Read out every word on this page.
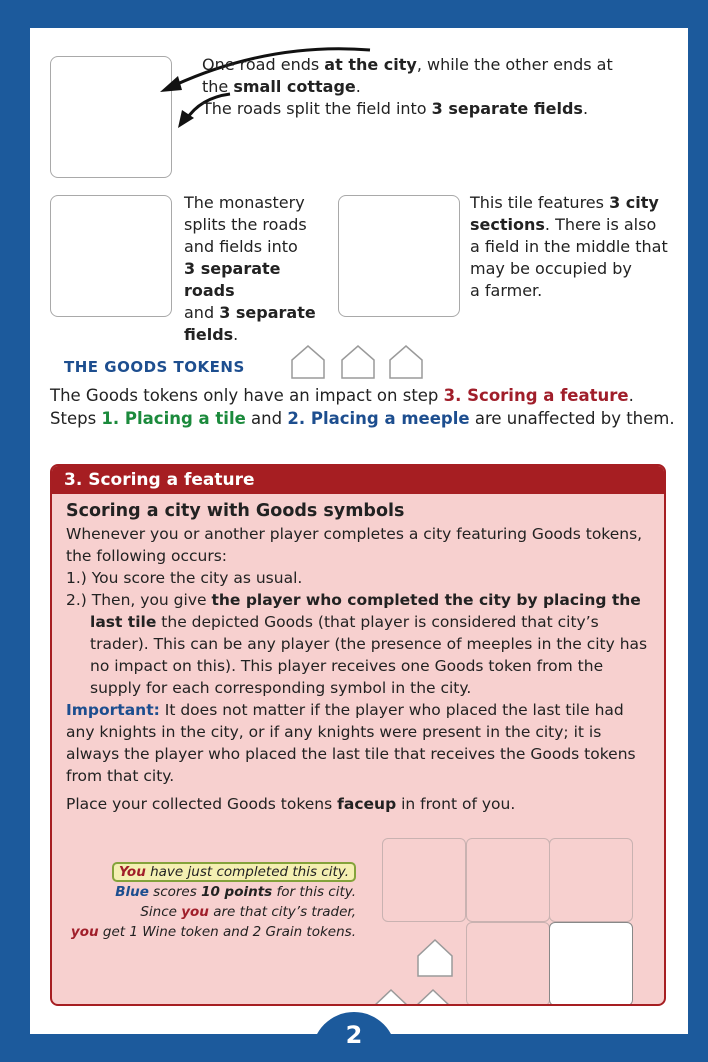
One road ends at the city, while the other ends at
the small cottage.
The roads split the field into 3 separate fields.
The monastery
splits the roads
and fields into
3 separate roads
and 3 separate
fields.
This tile features 3 city
sections. There is also
a field in the middle that
may be occupied by
a farmer.
THE GOODS TOKENS
The Goods tokens only have an impact on step 3. Scoring a feature.
Steps 1. Placing a tile and 2. Placing a meeple are unaffected by them.
3. Scoring a feature
Scoring a city with Goods symbols
Whenever you or another player completes a city featuring Goods tokens,
the following occurs:
1.) You score the city as usual.
2.) Then, you give the player who completed the city by placing the last tile the depicted Goods (that player is considered that city’s trader). This can be any player (the presence of meeples in the city has no impact on this). This player receives one Goods token from the supply for each corresponding symbol in the city.
Important: It does not matter if the player who placed the last tile had any knights in the city, or if any knights were present in the city; it is always the player who placed the last tile that receives the Goods tokens from that city.
Place your collected Goods tokens faceup in front of you.
You have just completed this city.
Blue scores 10 points for this city.
Since you are that city’s trader,
you get 1 Wine token and 2 Grain tokens.
2
